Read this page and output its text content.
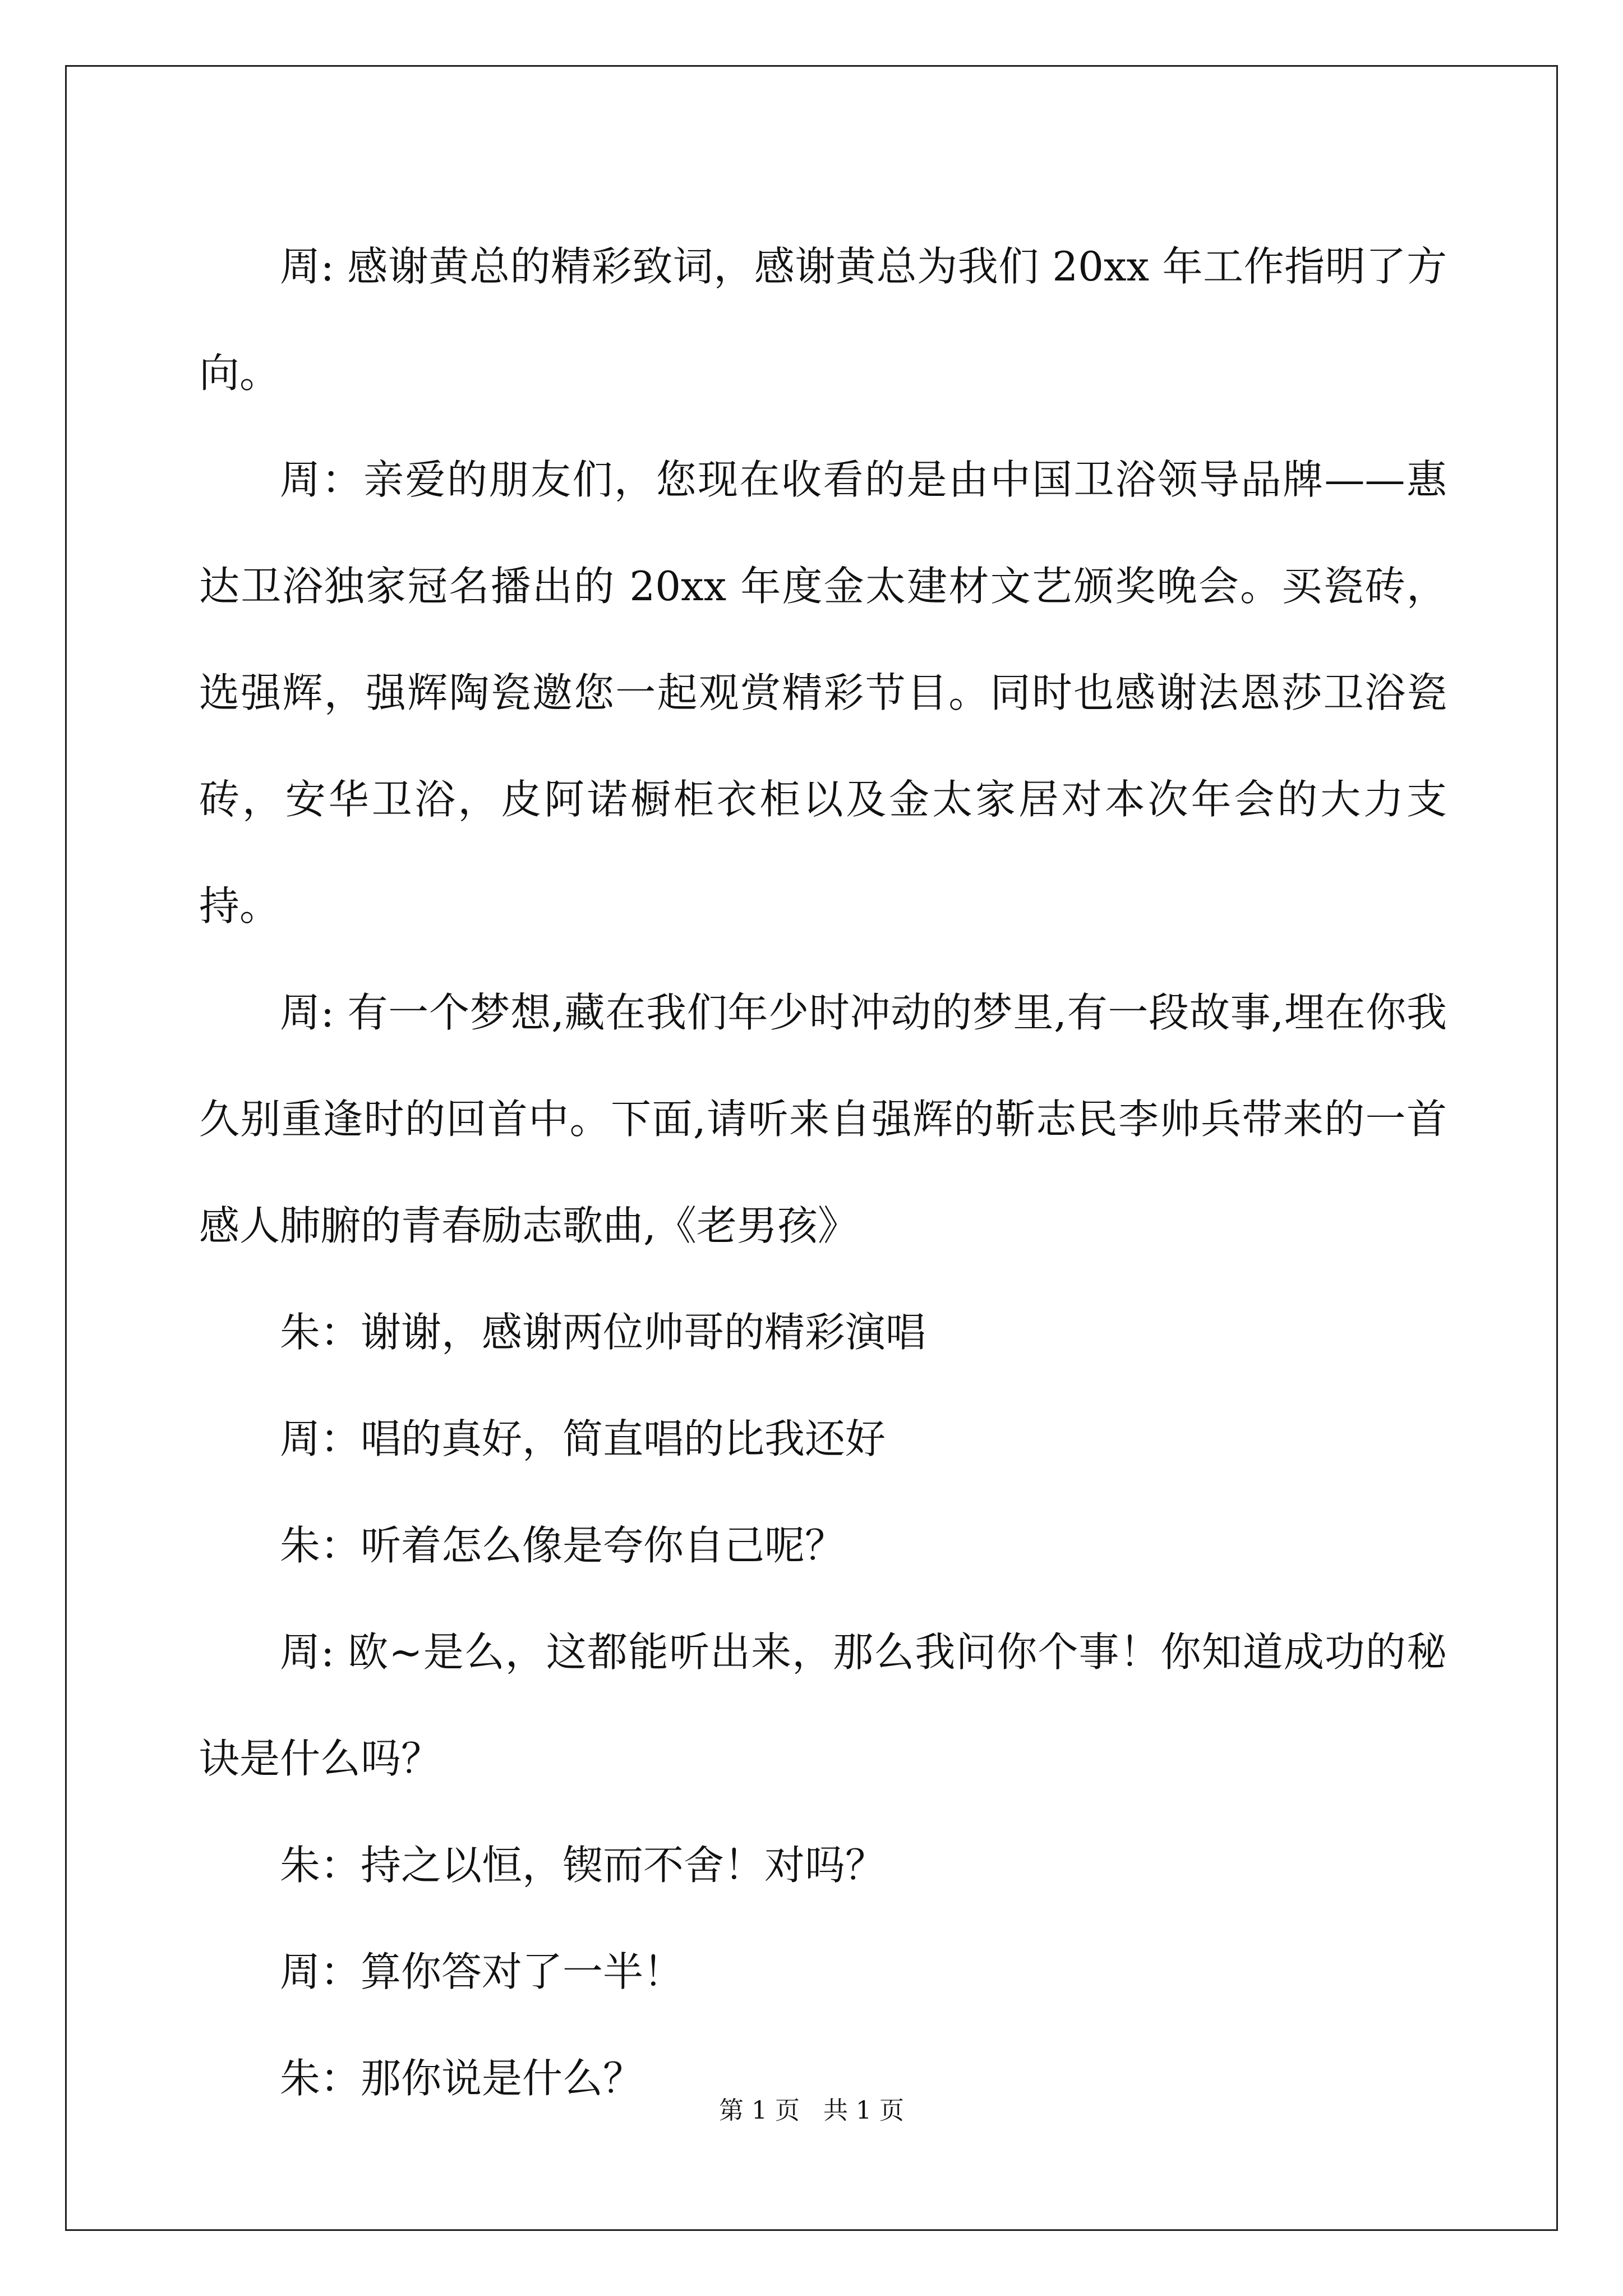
周: 感谢黄总的精彩致词，感谢黄总为我们 20xx 年工作指明了方向。

周：亲爱的朋友们，您现在收看的是由中国卫浴领导品牌——惠达卫浴独家冠名播出的 20xx 年度金太建材文艺颁奖晚会。买瓷砖，选强辉，强辉陶瓷邀您一起观赏精彩节目。同时也感谢法恩莎卫浴瓷砖，安华卫浴，皮阿诺橱柜衣柜以及金太家居对本次年会的大力支持。

周: 有一个梦想,藏在我们年少时冲动的梦里,有一段故事,埋在你我久别重逢时的回首中。下面,请听来自强辉的靳志民李帅兵带来的一首感人肺腑的青春励志歌曲,《老男孩》

朱：谢谢，感谢两位帅哥的精彩演唱

周：唱的真好，简直唱的比我还好

朱：听着怎么像是夸你自己呢？

周: 欧~是么，这都能听出来，那么我问你个事！你知道成功的秘诀是什么吗？

朱：持之以恒，锲而不舍！对吗？

周：算你答对了一半！

朱：那你说是什么？

第 1 页   共 1 页
